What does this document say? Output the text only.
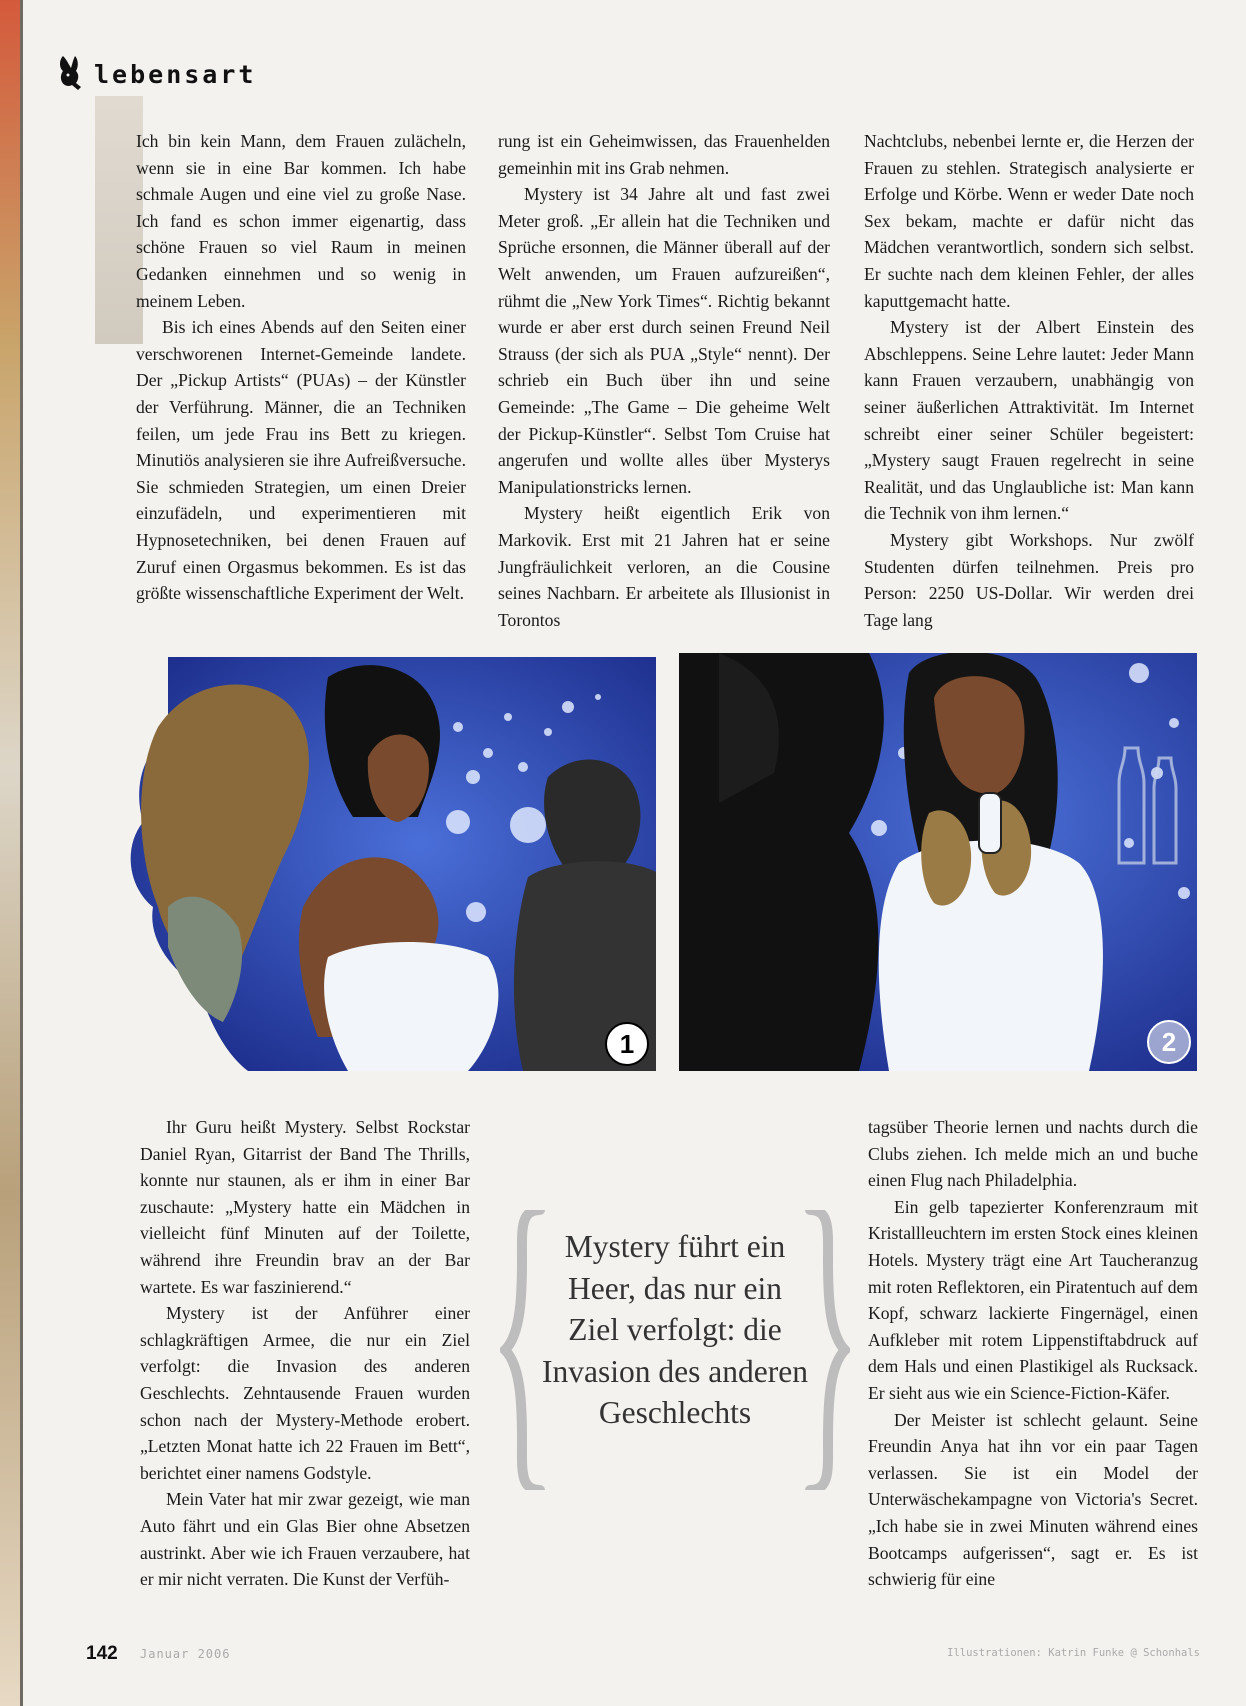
lebensart

Ich bin kein Mann, dem Frauen zulächeln, wenn sie in eine Bar kommen. Ich habe schmale Augen und eine viel zu große Nase. Ich fand es schon immer eigenartig, dass schöne Frauen so viel Raum in meinen Gedanken einnehmen und so wenig in meinem Leben.

Bis ich eines Abends auf den Seiten einer verschworenen Internet-Gemeinde landete. Der „Pickup Artists“ (PUAs) – der Künstler der Verführung. Männer, die an Techniken feilen, um jede Frau ins Bett zu kriegen. Minutiös analysieren sie ihre Aufreißversuche. Sie schmieden Strategien, um einen Dreier einzufädeln, und experimentieren mit Hypnosetechniken, bei denen Frauen auf Zuruf einen Orgasmus bekommen. Es ist das größte wissenschaftliche Experiment der Welt.

rung ist ein Geheimwissen, das Frauenhelden gemeinhin mit ins Grab nehmen.

Mystery ist 34 Jahre alt und fast zwei Meter groß. „Er allein hat die Techniken und Sprüche ersonnen, die Männer überall auf der Welt anwenden, um Frauen aufzureißen“, rühmt die „New York Times“. Richtig bekannt wurde er aber erst durch seinen Freund Neil Strauss (der sich als PUA „Style“ nennt). Der schrieb ein Buch über ihn und seine Gemeinde: „The Game – Die geheime Welt der Pickup-Künstler“. Selbst Tom Cruise hat angerufen und wollte alles über Mysterys Manipulationstricks lernen.

Mystery heißt eigentlich Erik von Markovik. Erst mit 21 Jahren hat er seine Jungfräulichkeit verloren, an die Cousine seines Nachbarn. Er arbeitete als Illusionist in Torontos

Nachtclubs, nebenbei lernte er, die Herzen der Frauen zu stehlen. Strategisch analysierte er Erfolge und Körbe. Wenn er weder Date noch Sex bekam, machte er dafür nicht das Mädchen verantwortlich, sondern sich selbst. Er suchte nach dem kleinen Fehler, der alles kaputtgemacht hatte.

Mystery ist der Albert Einstein des Abschleppens. Seine Lehre lautet: Jeder Mann kann Frauen verzaubern, unabhängig von seiner äußerlichen Attraktivität. Im Internet schreibt einer seiner Schüler begeistert: „Mystery saugt Frauen regelrecht in seine Realität, und das Unglaubliche ist: Man kann die Technik von ihm lernen.“

Mystery gibt Workshops. Nur zwölf Studenten dürfen teilnehmen. Preis pro Person: 2250 US-Dollar. Wir werden drei Tage lang

1	2

Ihr Guru heißt Mystery. Selbst Rockstar Daniel Ryan, Gitarrist der Band The Thrills, konnte nur staunen, als er ihm in einer Bar zuschaute: „Mystery hatte ein Mädchen in vielleicht fünf Minuten auf der Toilette, während ihre Freundin brav an der Bar wartete. Es war faszinierend.“

Mystery ist der Anführer einer schlagkräftigen Armee, die nur ein Ziel verfolgt: die Invasion des anderen Geschlechts. Zehntausende Frauen wurden schon nach der Mystery-Methode erobert. „Letzten Monat hatte ich 22 Frauen im Bett“, berichtet einer namens Godstyle.

Mein Vater hat mir zwar gezeigt, wie man Auto fährt und ein Glas Bier ohne Absetzen austrinkt. Aber wie ich Frauen verzaubere, hat er mir nicht verraten. Die Kunst der Verfüh-

Mystery führt ein Heer, das nur ein Ziel verfolgt: die Invasion des anderen Geschlechts

tagsüber Theorie lernen und nachts durch die Clubs ziehen. Ich melde mich an und buche einen Flug nach Philadelphia.

Ein gelb tapezierter Konferenzraum mit Kristallleuchtern im ersten Stock eines kleinen Hotels. Mystery trägt eine Art Taucheranzug mit roten Reflektoren, ein Piratentuch auf dem Kopf, schwarz lackierte Fingernägel, einen Aufkleber mit rotem Lippenstiftabdruck auf dem Hals und einen Plastikigel als Rucksack. Er sieht aus wie ein Science-Fiction-Käfer.

Der Meister ist schlecht gelaunt. Seine Freundin Anya hat ihn vor ein paar Tagen verlassen. Sie ist ein Model der Unterwäschekampagne von Victoria's Secret. „Ich habe sie in zwei Minuten während eines Bootcamps aufgerissen“, sagt er. Es ist schwierig für eine

142 Januar 2006	Illustrationen: Katrin Funke @ Schonhals
